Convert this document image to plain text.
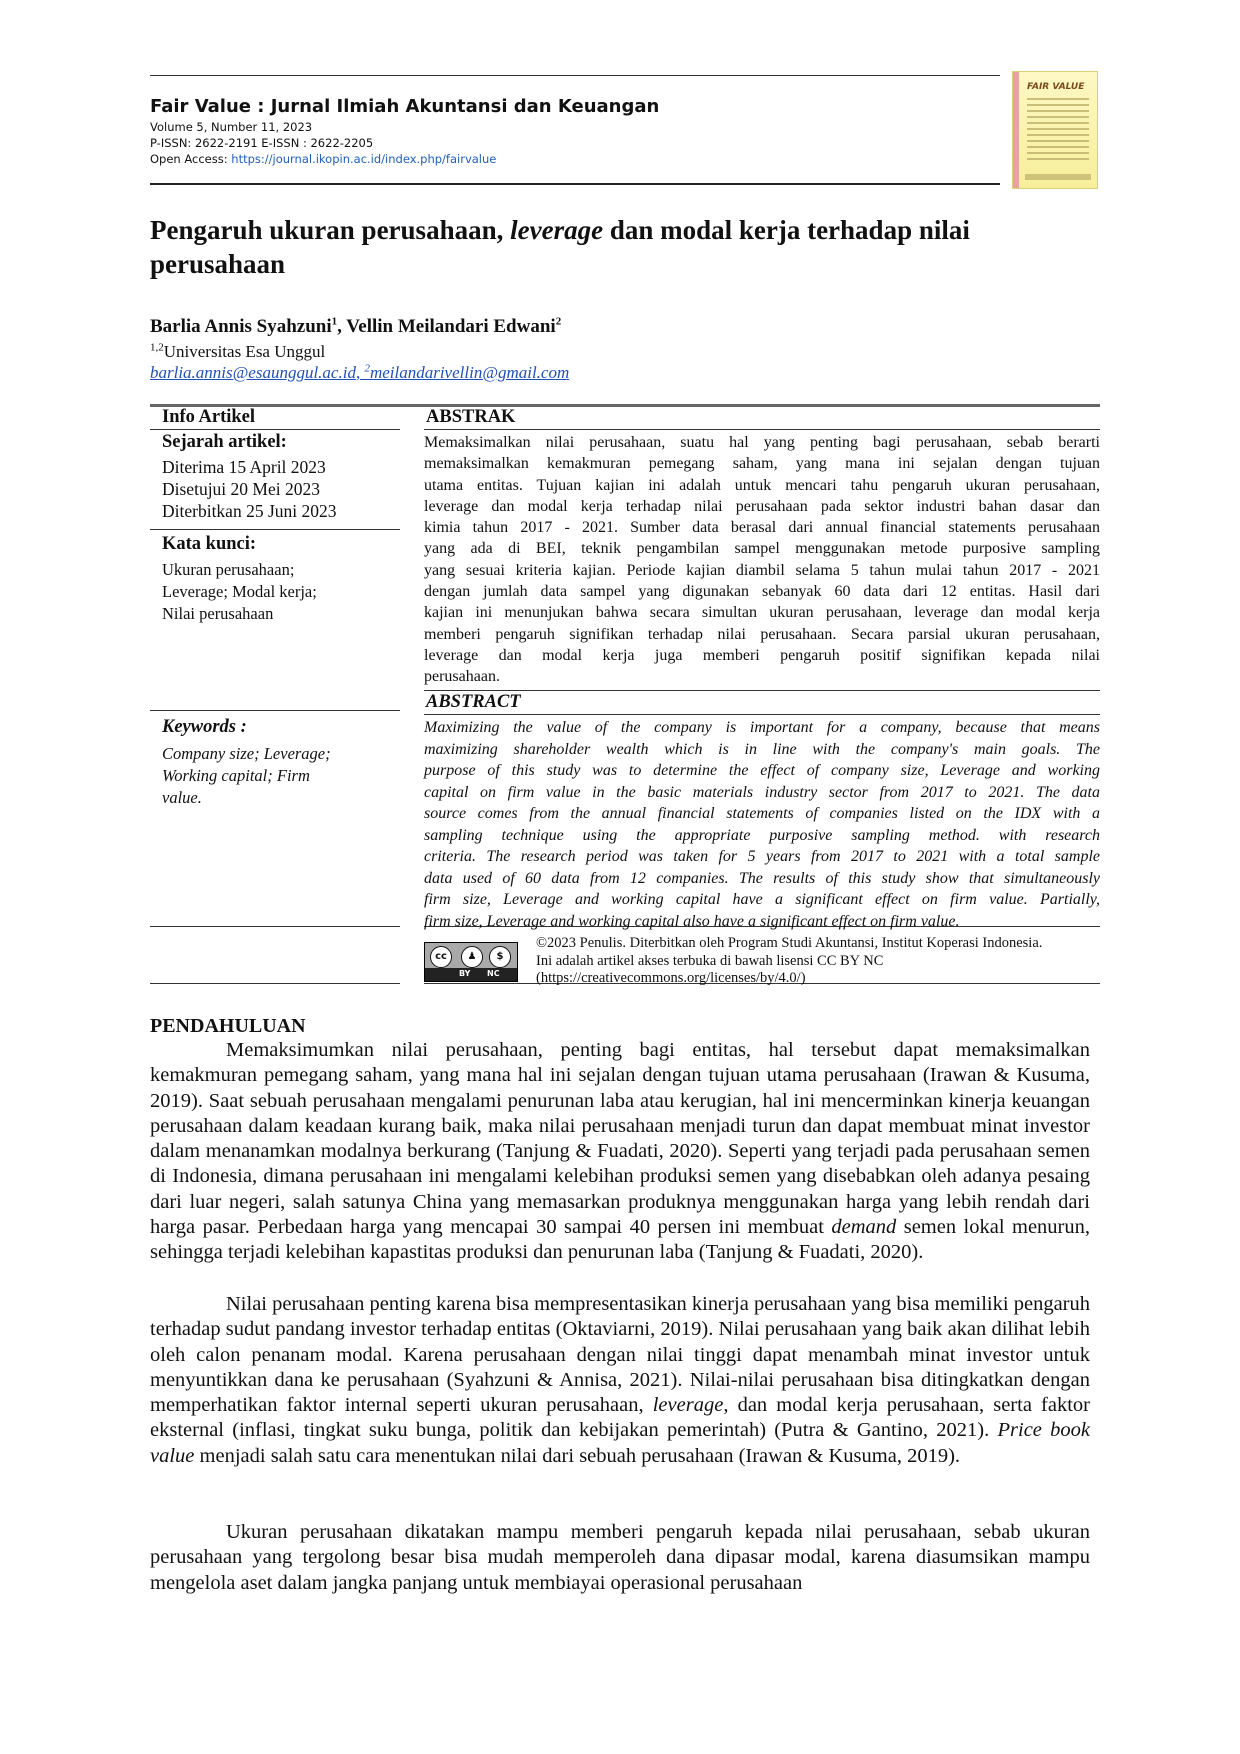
Fair Value : Jurnal Ilmiah Akuntansi dan Keuangan
Volume 5, Number 11, 2023
P-ISSN: 2622-2191 E-ISSN : 2622-2205
Open Access: https://journal.ikopin.ac.id/index.php/fairvalue
FAIR VALUE
Pengaruh ukuran perusahaan, leverage dan modal kerja terhadap nilai perusahaan
Barlia Annis Syahzuni$^1$, Vellin Meilandari Edwani$^2$
$^{1,2}$Universitas Esa Unggul
barlia.annis@esaunggul.ac.id, $^2$meilandarivellin@gmail.com
Info Artikel
Sejarah artikel:
Diterima 15 April 2023
Disetujui 20 Mei 2023
Diterbitkan 25 Juni 2023
Kata kunci:
Ukuran perusahaan;
Leverage; Modal kerja;
Nilai perusahaan
Keywords :
Company size; Leverage;
Working capital; Firm
value.
ABSTRAK
Memaksimalkan nilai perusahaan, suatu hal yang penting bagi perusahaan, sebab berarti
memaksimalkan kemakmuran pemegang saham, yang mana ini sejalan dengan tujuan
utama entitas. Tujuan kajian ini adalah untuk mencari tahu pengaruh ukuran perusahaan,
leverage dan modal kerja terhadap nilai perusahaan pada sektor industri bahan dasar dan
kimia tahun 2017 - 2021. Sumber data berasal dari annual financial statements perusahaan
yang ada di BEI, teknik pengambilan sampel menggunakan metode purposive sampling
yang sesuai kriteria kajian. Periode kajian diambil selama 5 tahun mulai tahun 2017 - 2021
dengan jumlah data sampel yang digunakan sebanyak 60 data dari 12 entitas. Hasil dari
kajian ini menunjukan bahwa secara simultan ukuran perusahaan, leverage dan modal kerja
memberi pengaruh signifikan terhadap nilai perusahaan. Secara parsial ukuran perusahaan,
leverage dan modal kerja juga memberi pengaruh positif signifikan kepada nilai
perusahaan.
ABSTRACT
Maximizing the value of the company is important for a company, because that means
maximizing shareholder wealth which is in line with the company's main goals. The
purpose of this study was to determine the effect of company size, Leverage and working
capital on firm value in the basic materials industry sector from 2017 to 2021. The data
source comes from the annual financial statements of companies listed on the IDX with a
sampling technique using the appropriate purposive sampling method. with research
criteria. The research period was taken for 5 years from 2017 to 2021 with a total sample
data used of 60 data from 12 companies. The results of this study show that simultaneously
firm size, Leverage and working capital have a significant effect on firm value. Partially,
firm size, Leverage and working capital also have a significant effect on firm value.
cc	♟	$
BY NC
©2023 Penulis. Diterbitkan oleh Program Studi Akuntansi, Institut Koperasi Indonesia.
Ini adalah artikel akses terbuka di bawah lisensi CC BY NC
(https://creativecommons.org/licenses/by/4.0/)
PENDAHULUAN

Memaksimumkan nilai perusahaan, penting bagi entitas, hal tersebut dapat memaksimalkan kemakmuran pemegang saham, yang mana hal ini sejalan dengan tujuan utama perusahaan (Irawan & Kusuma, 2019). Saat sebuah perusahaan mengalami penurunan laba atau kerugian, hal ini mencerminkan kinerja keuangan perusahaan dalam keadaan kurang baik, maka nilai perusahaan menjadi turun dan dapat membuat minat investor dalam menanamkan modalnya berkurang (Tanjung & Fuadati, 2020). Seperti yang terjadi pada perusahaan semen di Indonesia, dimana perusahaan ini mengalami kelebihan produksi semen yang disebabkan oleh adanya pesaing dari luar negeri, salah satunya China yang memasarkan produknya menggunakan harga yang lebih rendah dari harga pasar. Perbedaan harga yang mencapai 30 sampai 40 persen ini membuat demand semen lokal menurun, sehingga terjadi kelebihan kapastitas produksi dan penurunan laba (Tanjung & Fuadati, 2020).

Nilai perusahaan penting karena bisa mempresentasikan kinerja perusahaan yang bisa memiliki pengaruh terhadap sudut pandang investor terhadap entitas (Oktaviarni, 2019). Nilai perusahaan yang baik akan dilihat lebih oleh calon penanam modal. Karena perusahaan dengan nilai tinggi dapat menambah minat investor untuk menyuntikkan dana ke perusahaan (Syahzuni & Annisa, 2021). Nilai-nilai perusahaan bisa ditingkatkan dengan memperhatikan faktor internal seperti ukuran perusahaan, leverage, dan modal kerja perusahaan, serta faktor eksternal (inflasi, tingkat suku bunga, politik dan kebijakan pemerintah) (Putra & Gantino, 2021). Price book value menjadi salah satu cara menentukan nilai dari sebuah perusahaan (Irawan & Kusuma, 2019).

Ukuran perusahaan dikatakan mampu memberi pengaruh kepada nilai perusahaan, sebab ukuran perusahaan yang tergolong besar bisa mudah memperoleh dana dipasar modal, karena diasumsikan mampu mengelola aset dalam jangka panjang untuk membiayai operasional perusahaan
